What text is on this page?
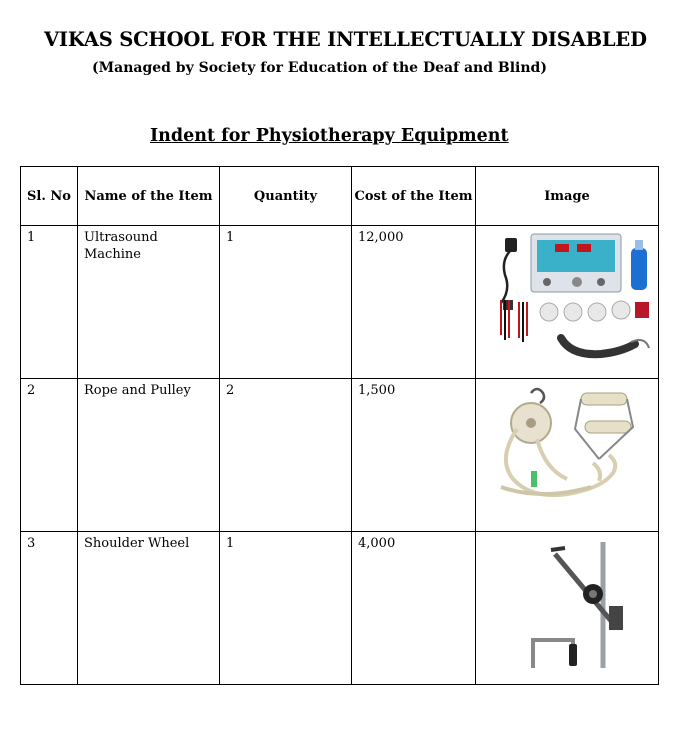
VIKAS SCHOOL FOR THE INTELLECTUALLY DISABLED
(Managed by Society for Education of the Deaf and Blind)
Indent for Physiotherapy Equipment
Sl. No	Name of the Item	Quantity	Cost of the Item	Image

1	Ultrasound Machine	1	12,000

2	Rope and Pulley	2	1,500

3	Shoulder Wheel	1	4,000
